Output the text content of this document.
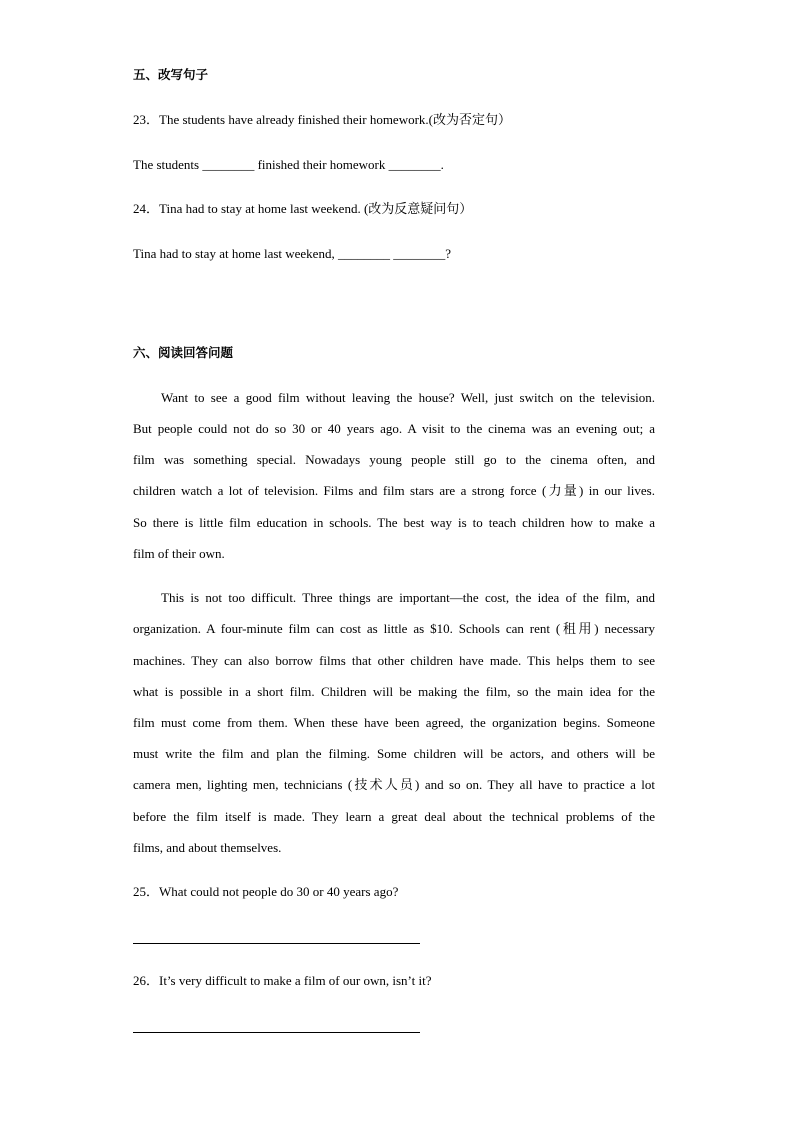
五、改写句子
23．The students have already finished their homework.(改为否定句）
The students ________ finished their homework ________.
24．Tina had to stay at home last weekend. (改为反意疑问句）
Tina had to stay at home last weekend, ________ ________?
六、阅读回答问题
Want to see a good film without leaving the house? Well, just switch on the television.
But people could not do so 30 or 40 years ago. A visit to the cinema was an evening out; a
film was something special. Nowadays young people still go to the cinema often, and
children watch a lot of television. Films and film stars are a strong force (力量) in our lives.
So there is little film education in schools. The best way is to teach children how to make a
film of their own.
This is not too difficult. Three things are important—the cost, the idea of the film, and
organization. A four-minute film can cost as little as $10. Schools can rent (租用) necessary
machines. They can also borrow films that other children have made. This helps them to see
what is possible in a short film. Children will be making the film, so the main idea for the
film must come from them. When these have been agreed, the organization begins. Someone
must write the film and plan the filming. Some children will be actors, and others will be
camera men, lighting men, technicians (技术人员) and so on. They all have to practice a lot
before the film itself is made. They learn a great deal about the technical problems of the
films, and about themselves.
25．What could not people do 30 or 40 years ago?
26．It’s very difficult to make a film of our own, isn’t it?
